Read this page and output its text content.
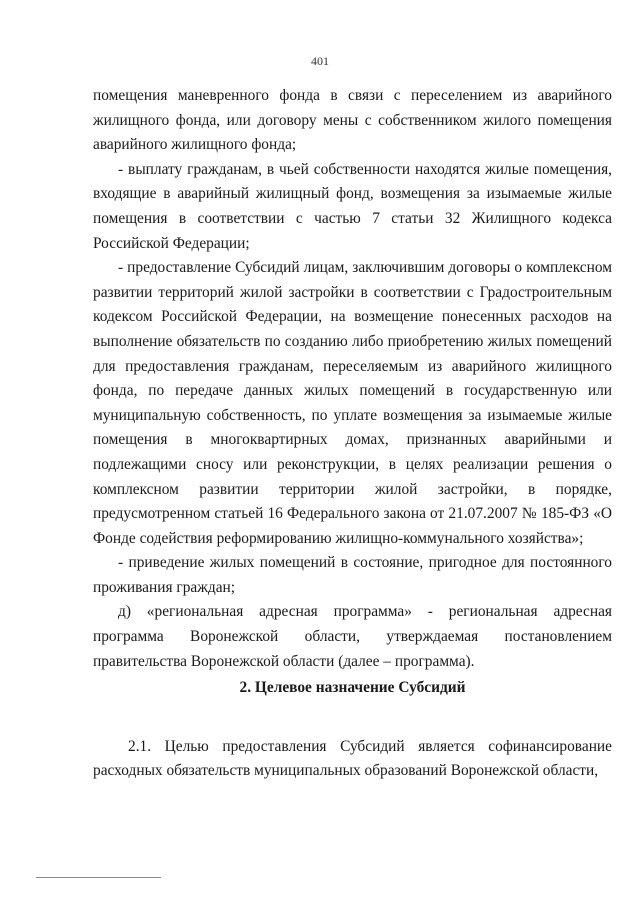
401

помещения маневренного фонда в связи с переселением из аварийного жилищного фонда, или договору мены с собственником жилого помещения аварийного жилищного фонда;

- выплату гражданам, в чьей собственности находятся жилые помещения, входящие в аварийный жилищный фонд, возмещения за изымаемые жилые помещения в соответствии с частью 7 статьи 32 Жилищного кодекса Российской Федерации;

- предоставление Субсидий лицам, заключившим договоры о комплексном развитии территорий жилой застройки в соответствии с Градостроительным кодексом Российской Федерации, на возмещение понесенных расходов на выполнение обязательств по созданию либо приобретению жилых помещений для предоставления гражданам, переселяемым из аварийного жилищного фонда, по передаче данных жилых помещений в государственную или муниципальную собственность, по уплате возмещения за изымаемые жилые помещения в многоквартирных домах, признанных аварийными и подлежащими сносу или реконструкции, в целях реализации решения о комплексном развитии территории жилой застройки, в порядке, предусмотренном статьей 16 Федерального закона от 21.07.2007 № 185-ФЗ «О Фонде содействия реформированию жилищно-коммунального хозяйства»;

- приведение жилых помещений в состояние, пригодное для постоянного проживания граждан;

д) «региональная адресная программа» - региональная адресная программа Воронежской области, утверждаемая постановлением правительства Воронежской области (далее – программа).

2. Целевое назначение Субсидий

2.1. Целью предоставления Субсидий является софинансирование расходных обязательств муниципальных образований Воронежской области,
